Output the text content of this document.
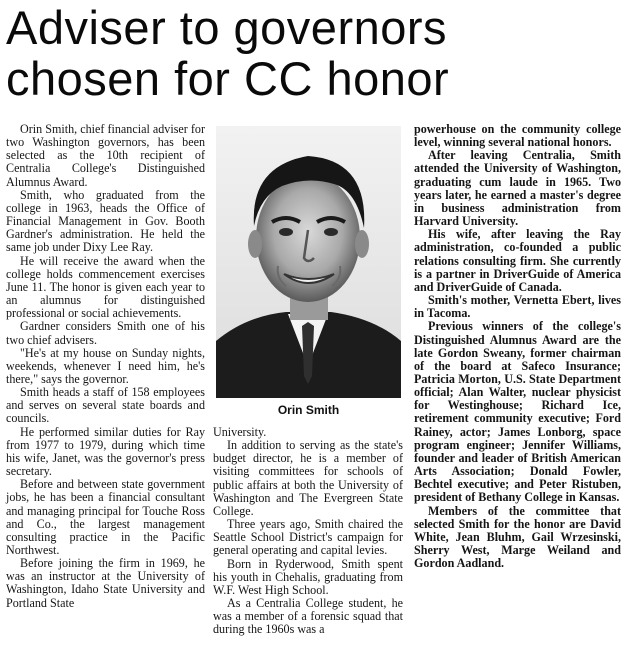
Adviser to governors
chosen for CC honor

Orin Smith, chief financial adviser for two Washington governors, has been selected as the 10th recipient of Centralia College's Distinguished Alumnus Award.

Smith, who graduated from the college in 1963, heads the Office of Financial Management in Gov. Booth Gardner's administration. He held the same job under Dixy Lee Ray.

He will receive the award when the college holds commencement exercises June 11. The honor is given each year to an alumnus for distinguished professional or social achievements.

Gardner considers Smith one of his two chief advisers.

"He's at my house on Sunday nights, weekends, whenever I need him, he's there," says the governor.

Smith heads a staff of 158 employees and serves on several state boards and councils.

He performed similar duties for Ray from 1977 to 1979, during which time his wife, Janet, was the governor's press secretary.

Before and between state government jobs, he has been a financial consultant and managing principal for Touche Ross and Co., the largest management consulting practice in the Pacific Northwest.

Before joining the firm in 1969, he was an instructor at the University of Washington, Idaho State University and Portland State

Orin Smith

University.

In addition to serving as the state's budget director, he is a member of visiting committees for schools of public affairs at both the University of Washington and The Evergreen State College.

Three years ago, Smith chaired the Seattle School District's campaign for general operating and capital levies.

Born in Ryderwood, Smith spent his youth in Chehalis, graduating from W.F. West High School.

As a Centralia College student, he was a member of a forensic squad that during the 1960s was a

powerhouse on the community college level, winning several national honors.

After leaving Centralia, Smith attended the University of Washington, graduating cum laude in 1965. Two years later, he earned a master's degree in business administration from Harvard University.

His wife, after leaving the Ray administration, co-founded a public relations consulting firm. She currently is a partner in DriverGuide of America and DriverGuide of Canada.

Smith's mother, Vernetta Ebert, lives in Tacoma.

Previous winners of the college's Distinguished Alumnus Award are the late Gordon Sweany, former chairman of the board at Safeco Insurance; Patricia Morton, U.S. State Department official; Alan Walter, nuclear physicist for Westinghouse; Richard Ice, retirement community executive; Ford Rainey, actor; James Lonborg, space program engineer; Jennifer Williams, founder and leader of British American Arts Association; Donald Fowler, Bechtel executive; and Peter Ristuben, president of Bethany College in Kansas.

Members of the committee that selected Smith for the honor are David White, Jean Bluhm, Gail Wrzesinski, Sherry West, Marge Weiland and Gordon Aadland.
